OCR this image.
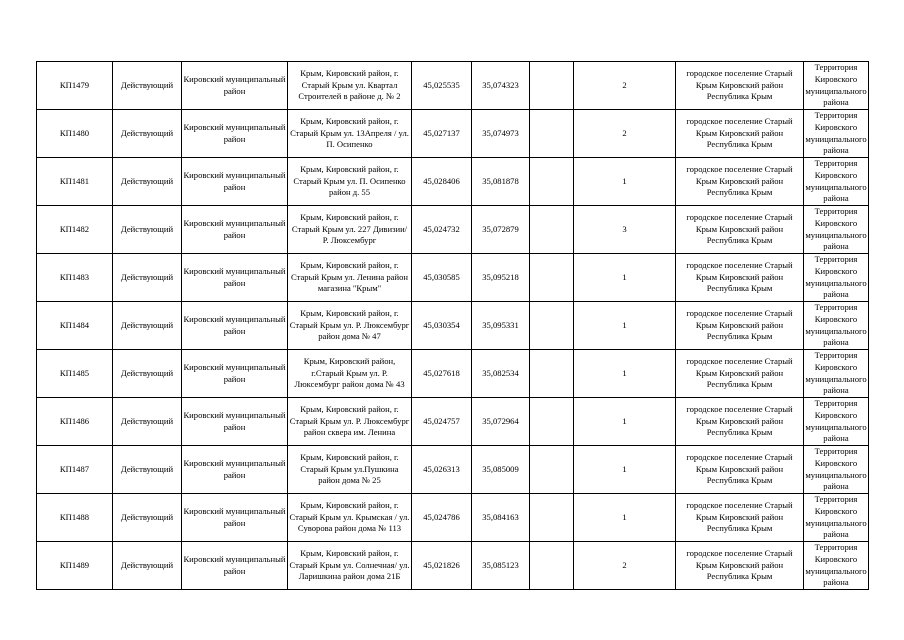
КП1479	Действующий	Кировский муниципальный район	Крым, Кировский район, г. Старый Крым ул. Квартал Строителей в районе д. № 2	45,025535	35,074323		2	городское поселение Старый Крым Кировский район Республика Крым	Территория Кировского муниципального района
КП1480	Действующий	Кировский муниципальный район	Крым, Кировский район, г. Старый Крым ул. 13Апреля / ул. П. Осипенко	45,027137	35,074973		2	городское поселение Старый Крым Кировский район Республика Крым	Территория Кировского муниципального района
КП1481	Действующий	Кировский муниципальный район	Крым, Кировский район, г. Старый Крым ул. П. Осипенко район д. 55	45,028406	35,081878		1	городское поселение Старый Крым Кировский район Республика Крым	Территория Кировского муниципального района
КП1482	Действующий	Кировский муниципальный район	Крым, Кировский район, г. Старый Крым ул. 227 Дивизии/ Р. Люксембург	45,024732	35,072879		3	городское поселение Старый Крым Кировский район Республика Крым	Территория Кировского муниципального района
КП1483	Действующий	Кировский муниципальный район	Крым, Кировский район, г. Старый Крым ул. Ленина район магазина "Крым"	45,030585	35,095218		1	городское поселение Старый Крым Кировский район Республика Крым	Территория Кировского муниципального района
КП1484	Действующий	Кировский муниципальный район	Крым, Кировский район, г. Старый Крым ул. Р. Люксембург район дома № 47	45,030354	35,095331		1	городское поселение Старый Крым Кировский район Республика Крым	Территория Кировского муниципального района
КП1485	Действующий	Кировский муниципальный район	Крым, Кировский район, г.Старый Крым ул. Р. Люксембург район дома № 43	45,027618	35,082534		1	городское поселение Старый Крым Кировский район Республика Крым	Территория Кировского муниципального района
КП1486	Действующий	Кировский муниципальный район	Крым, Кировский район, г. Старый Крым ул. Р. Люксембург район сквера им. Ленина	45,024757	35,072964		1	городское поселение Старый Крым Кировский район Республика Крым	Территория Кировского муниципального района
КП1487	Действующий	Кировский муниципальный район	Крым, Кировский район, г. Старый Крым ул.Пушкина район дома № 25	45,026313	35,085009		1	городское поселение Старый Крым Кировский район Республика Крым	Территория Кировского муниципального района
КП1488	Действующий	Кировский муниципальный район	Крым, Кировский район, г. Старый Крым ул. Крымская / ул. Суворова район дома № 113	45,024786	35,084163		1	городское поселение Старый Крым Кировский район Республика Крым	Территория Кировского муниципального района
КП1489	Действующий	Кировский муниципальный район	Крым, Кировский район, г. Старый Крым ул. Солнечная/ ул. Ларишкина район дома 21Б	45,021826	35,085123		2	городское поселение Старый Крым Кировский район Республика Крым	Территория Кировского муниципального района
